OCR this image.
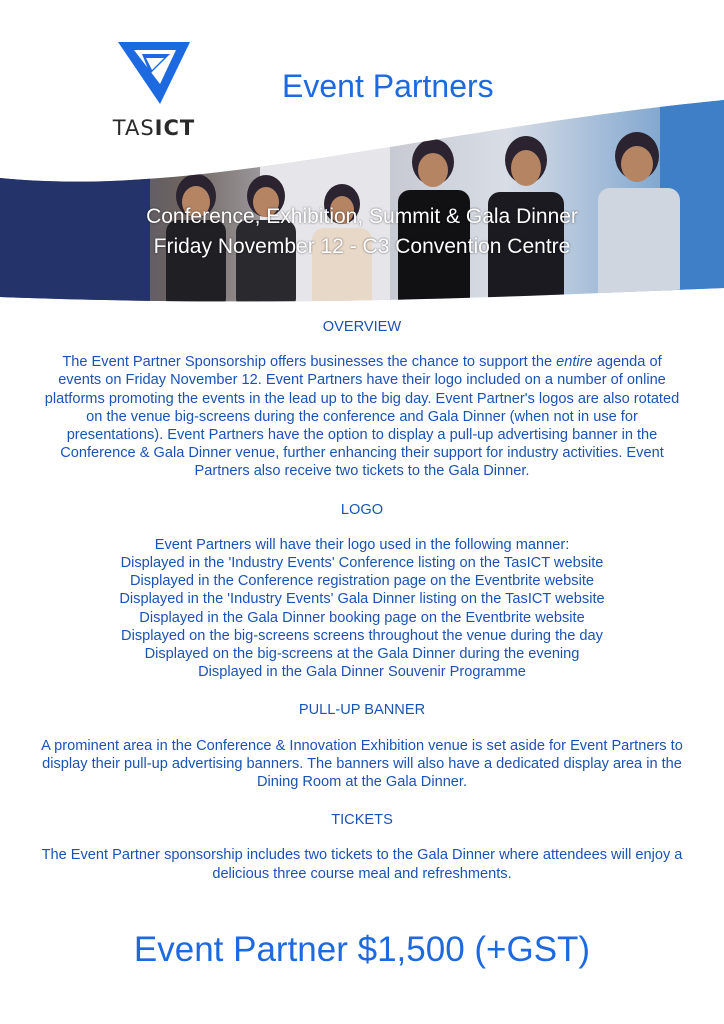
TASICT
Event Partners
Conference, Exhibition, Summit & Gala Dinner
Friday November 12 - C3 Convention Centre
OVERVIEW
The Event Partner Sponsorship offers businesses the chance to support the entire agenda of events on Friday November 12. Event Partners have their logo included on a number of online platforms promoting the events in the lead up to the big day. Event Partner's logos are also rotated on the venue big-screens during the conference and Gala Dinner (when not in use for presentations). Event Partners have the option to display a pull-up advertising banner in the Conference & Gala Dinner venue, further enhancing their support for industry activities. Event Partners also receive two tickets to the Gala Dinner.
LOGO
Event Partners will have their logo used in the following manner:
Displayed in the 'Industry Events' Conference listing on the TasICT website
Displayed in the Conference registration page on the Eventbrite website
Displayed in the 'Industry Events' Gala Dinner listing on the TasICT website
Displayed in the Gala Dinner booking page on the Eventbrite website
Displayed on the big-screens screens throughout the venue during the day
Displayed on the big-screens at the Gala Dinner during the evening
Displayed in the Gala Dinner Souvenir Programme
PULL-UP BANNER
A prominent area in the Conference & Innovation Exhibition venue is set aside for Event Partners to display their pull-up advertising banners. The banners will also have a dedicated display area in the Dining Room at the Gala Dinner.
TICKETS
The Event Partner sponsorship includes two tickets to the Gala Dinner where attendees will enjoy a delicious three course meal and refreshments.
Event Partner $1,500 (+GST)
